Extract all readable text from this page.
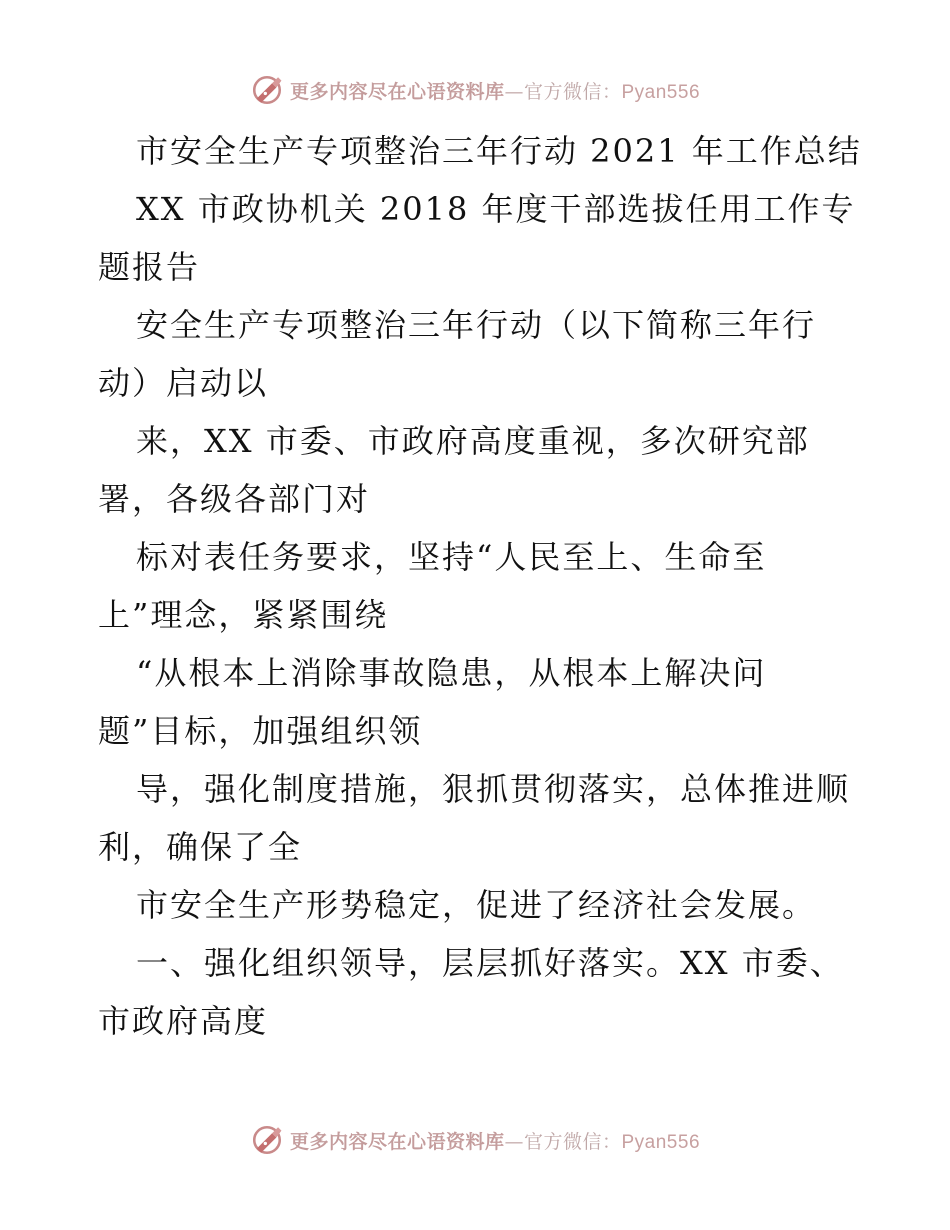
更多内容尽在心语资料库—官方微信：Pyan556
市安全生产专项整治三年行动 2021 年工作总结
XX 市政协机关 2018 年度干部选拔任用工作专
题报告
安全生产专项整治三年行动（以下简称三年行
动）启动以
来，XX 市委、市政府高度重视，多次研究部
署，各级各部门对
标对表任务要求，坚持“人民至上、生命至
上”理念，紧紧围绕
“从根本上消除事故隐患，从根本上解决问
题”目标，加强组织领
导，强化制度措施，狠抓贯彻落实，总体推进顺
利，确保了全
市安全生产形势稳定，促进了经济社会发展。
一、强化组织领导，层层抓好落实。XX 市委、
市政府高度
更多内容尽在心语资料库—官方微信：Pyan556
